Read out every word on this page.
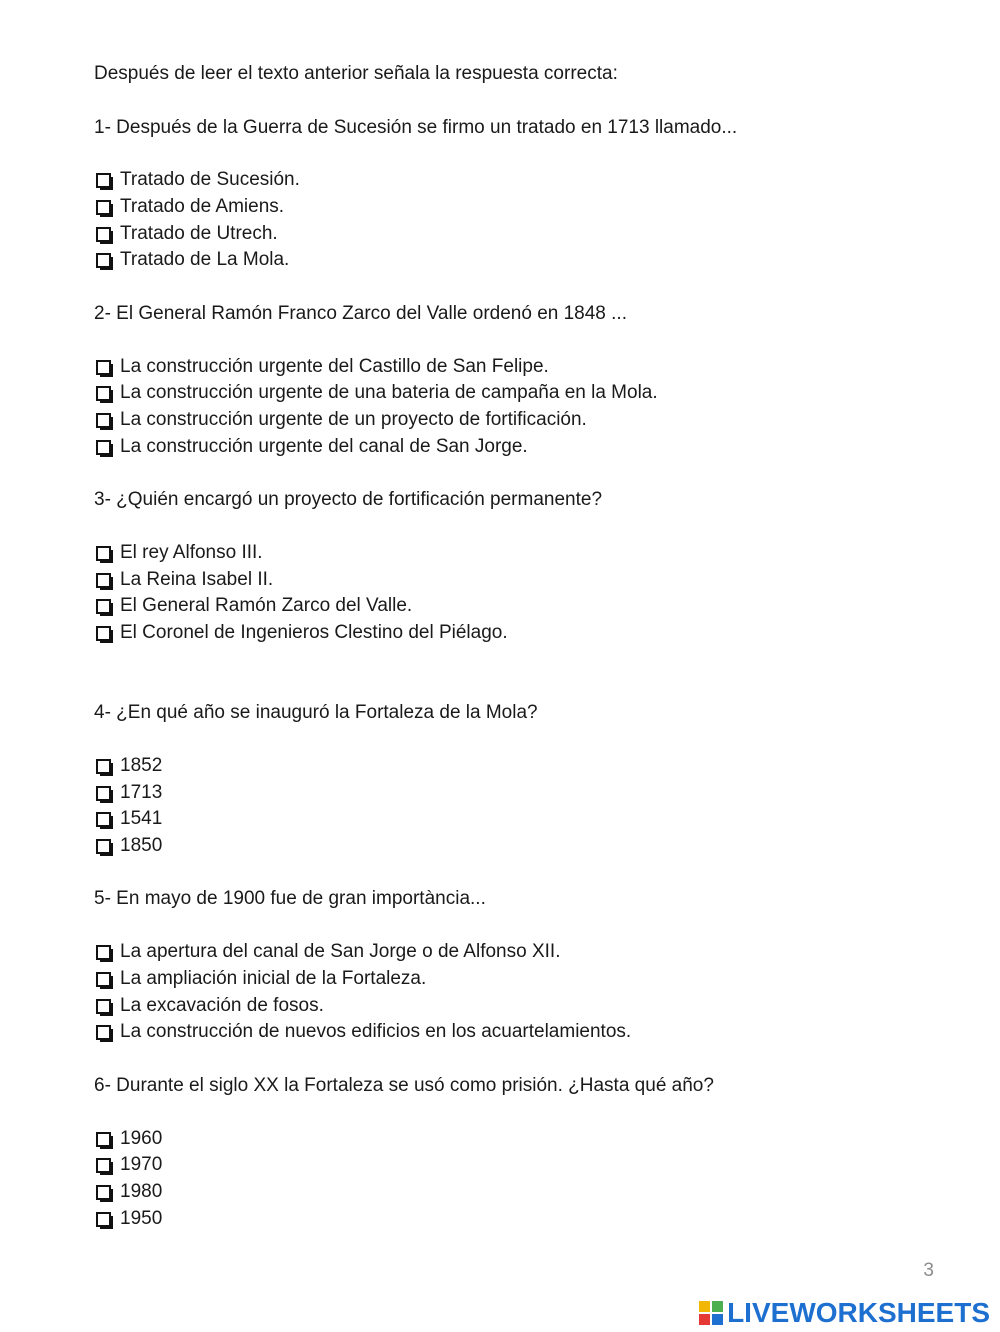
Después de leer el texto anterior señala la respuesta correcta:
1- Después de la Guerra de Sucesión se firmo un tratado en 1713 llamado...
Tratado de Sucesión.
Tratado de Amiens.
Tratado de Utrech.
Tratado de La Mola.
2- El General Ramón Franco Zarco del Valle ordenó en 1848 ...
La construcción urgente del Castillo de San Felipe.
La construcción urgente de una bateria de campaña en la Mola.
La construcción urgente de un proyecto de fortificación.
La construcción urgente del canal de San Jorge.
3- ¿Quién encargó un proyecto de fortificación permanente?
El rey Alfonso III.
La Reina Isabel II.
El General Ramón Zarco del Valle.
El Coronel de Ingenieros Clestino del Piélago.
4- ¿En qué año se inauguró la Fortaleza de la Mola?
1852
1713
1541
1850
5- En mayo de 1900 fue de gran importància...
La apertura del canal de San Jorge o de Alfonso XII.
La ampliación inicial de la Fortaleza.
La excavación de fosos.
La construcción de nuevos edificios en los acuartelamientos.
6- Durante el siglo XX la Fortaleza se usó como prisión. ¿Hasta qué año?
1960
1970
1980
1950
3
LIVEWORKSHEETS
